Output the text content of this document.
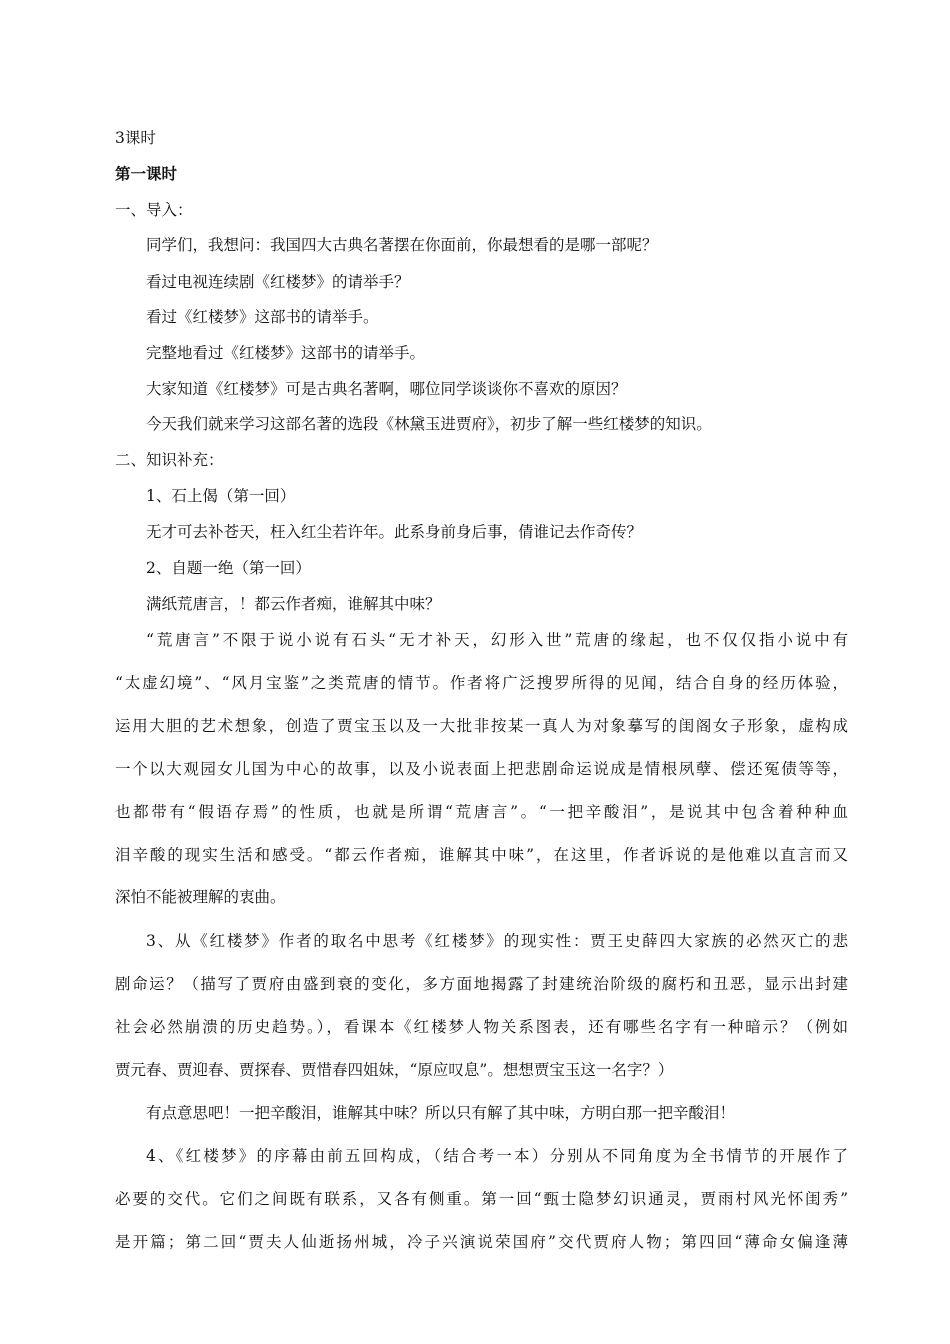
3课时
第一课时
一、导入：
同学们，我想问：我国四大古典名著摆在你面前，你最想看的是哪一部呢？
看过电视连续剧《红楼梦》的请举手？
看过《红楼梦》这部书的请举手。
完整地看过《红楼梦》这部书的请举手。
大家知道《红楼梦》可是古典名著啊，哪位同学谈谈你不喜欢的原因？
今天我们就来学习这部名著的选段《林黛玉进贾府》，初步了解一些红楼梦的知识。
二、知识补充：
1、石上偈（第一回）
无才可去补苍天，枉入红尘若许年。此系身前身后事，倩谁记去作奇传？
2、自题一绝（第一回）
满纸荒唐言，！都云作者痴，谁解其中味？
“荒唐言”不限于说小说有石头“无才补天，幻形入世”荒唐的缘起，也不仅仅指小说中有
“太虚幻境”、“风月宝鉴”之类荒唐的情节。作者将广泛搜罗所得的见闻，结合自身的经历体验，
运用大胆的艺术想象，创造了贾宝玉以及一大批非按某一真人为对象摹写的闺阁女子形象，虚构成
一个以大观园女儿国为中心的故事，以及小说表面上把悲剧命运说成是情根夙孽、偿还冤债等等，
也都带有“假语存焉”的性质，也就是所谓“荒唐言”。“一把辛酸泪”，是说其中包含着种种血
泪辛酸的现实生活和感受。“都云作者痴，谁解其中味”，在这里，作者诉说的是他难以直言而又
深怕不能被理解的衷曲。
3、从《红楼梦》作者的取名中思考《红楼梦》的现实性：贾王史薛四大家族的必然灭亡的悲
剧命运？（描写了贾府由盛到衰的变化，多方面地揭露了封建统治阶级的腐朽和丑恶，显示出封建
社会必然崩溃的历史趋势。），看课本《红楼梦人物关系图表，还有哪些名字有一种暗示？（例如
贾元春、贾迎春、贾探春、贾惜春四姐妹，“原应叹息”。想想贾宝玉这一名字？）
有点意思吧！一把辛酸泪，谁解其中味？所以只有解了其中味，方明白那一把辛酸泪！
4、《红楼梦》的序幕由前五回构成，（结合考一本）分别从不同角度为全书情节的开展作了
必要的交代。它们之间既有联系，又各有侧重。第一回“甄士隐梦幻识通灵，贾雨村风光怀闺秀”
是开篇；第二回“贾夫人仙逝扬州城，冷子兴演说荣国府”交代贾府人物；第四回“薄命女偏逢薄
